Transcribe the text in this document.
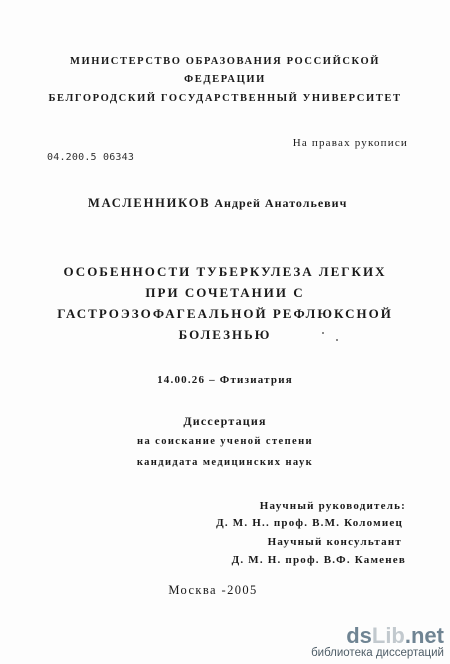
МИНИСТЕРСТВО ОБРАЗОВАНИЯ РОССИЙСКОЙ
ФЕДЕРАЦИИ
БЕЛГОРОДСКИЙ ГОСУДАРСТВЕННЫЙ УНИВЕРСИТЕТ
На правах рукописи
04.200.5 06343
МАСЛЕННИКОВ Андрей Анатольевич
ОСОБЕННОСТИ ТУБЕРКУЛЕЗА ЛЕГКИХ
ПРИ СОЧЕТАНИИ С
ГАСТРОЭЗОФАГЕАЛЬНОЙ РЕФЛЮКСНОЙ
БОЛЕЗНЬЮ
14.00.26 – Фтизиатрия
Диссертация
на соискание ученой степени
кандидата медицинских наук
Научный руководитель:
Д. М. Н.. проф. В.М. Коломиец
Научный консультант
Д. М. Н. проф. В.Ф. Каменев
Москва -2005
dsLib.net
библиотека диссертаций
